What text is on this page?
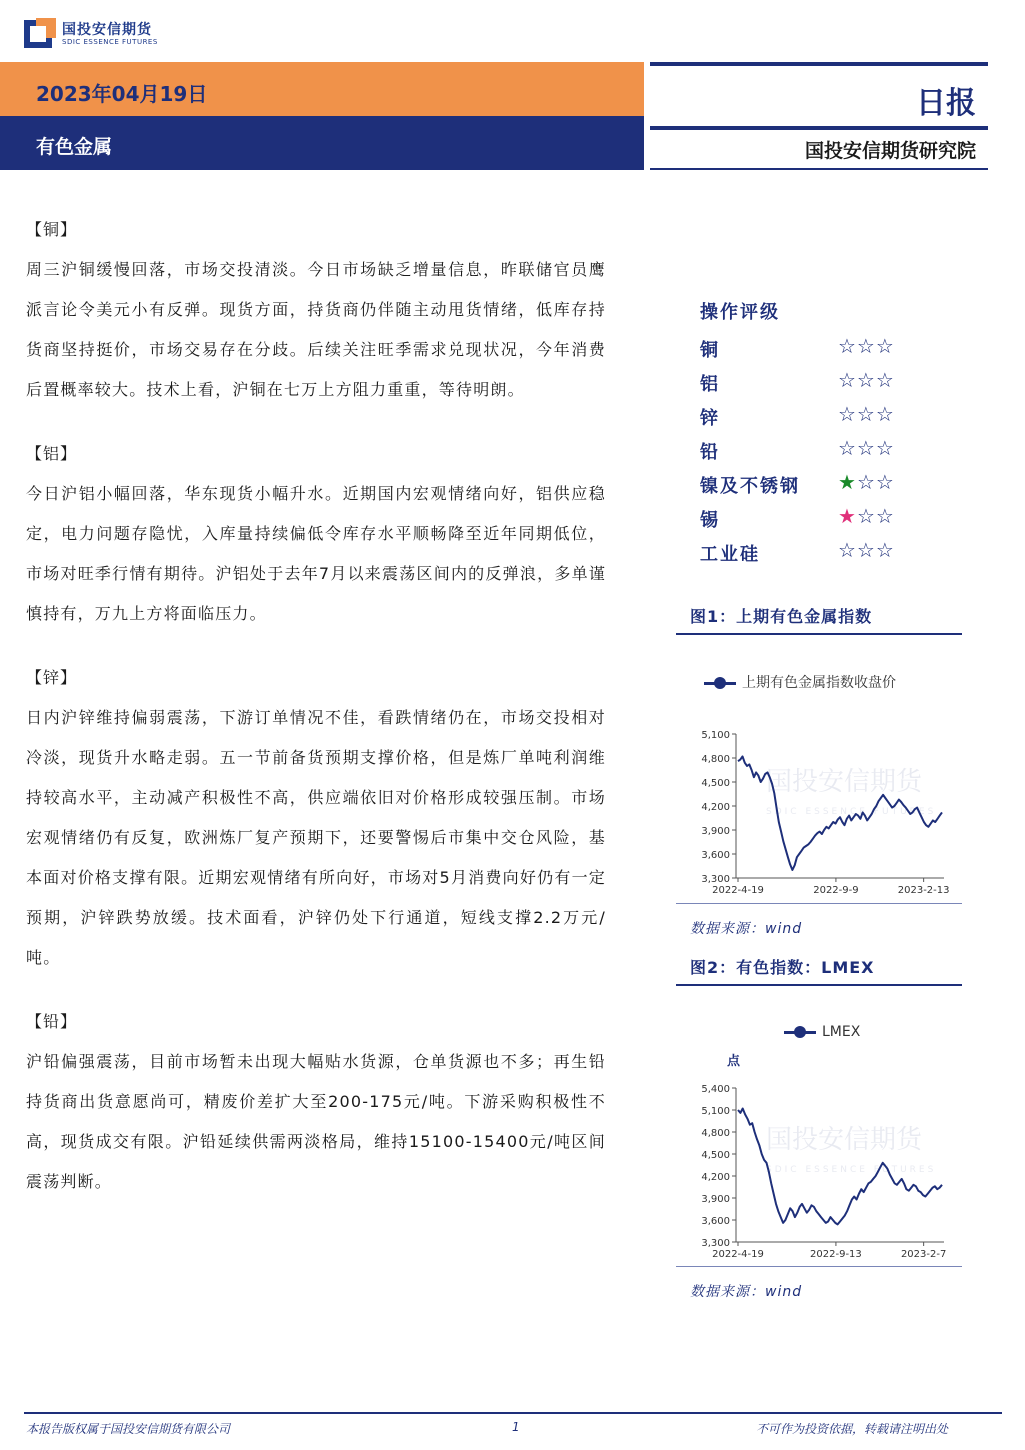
国投安信期货
SDIC ESSENCE FUTURES
2023年04月19日
有色金属
日报
国投安信期货研究院
【铜】

周三沪铜缓慢回落，市场交投清淡。今日市场缺乏增量信息，昨联储官员鹰派言论令美元小有反弹。现货方面，持货商仍伴随主动甩货情绪，低库存持货商坚持挺价，市场交易存在分歧。后续关注旺季需求兑现状况，今年消费后置概率较大。技术上看，沪铜在七万上方阻力重重，等待明朗。

【铝】

今日沪铝小幅回落，华东现货小幅升水。近期国内宏观情绪向好，铝供应稳定，电力问题存隐忧，入库量持续偏低令库存水平顺畅降至近年同期低位，市场对旺季行情有期待。沪铝处于去年7月以来震荡区间内的反弹浪，多单谨慎持有，万九上方将面临压力。

【锌】

日内沪锌维持偏弱震荡，下游订单情况不佳，看跌情绪仍在，市场交投相对冷淡，现货升水略走弱。五一节前备货预期支撑价格，但是炼厂单吨利润维持较高水平，主动减产积极性不高，供应端依旧对价格形成较强压制。市场宏观情绪仍有反复，欧洲炼厂复产预期下，还要警惕后市集中交仓风险，基本面对价格支撑有限。近期宏观情绪有所向好，市场对5月消费向好仍有一定预期，沪锌跌势放缓。技术面看，沪锌仍处下行通道，短线支撑2.2万元/吨。

【铅】

沪铅偏强震荡，目前市场暂未出现大幅贴水货源，仓单货源也不多；再生铅持货商出货意愿尚可，精废价差扩大至200-175元/吨。下游采购积极性不高，现货成交有限。沪铅延续供需两淡格局，维持15100-15400元/吨区间震荡判断。

操作评级
铜	☆☆☆
铝	☆☆☆
锌	☆☆☆
铅	☆☆☆
镍及不锈钢 ★☆☆
锡	★☆☆
工业硅	☆☆☆
图1：上期有色金属指数
上期有色金属指数收盘价
国投安信期货
SDIC ESSENCE FUTURES
5,100
4,800
4,500
4,200
3,900
3,600
3,300
2022-4-19	2022-9-9	2023-2-13
数据来源：wind
图2：有色指数：LMEX
LMEX
点
国投安信期货
SDIC ESSENCE FUTURES
5,400
5,100
4,800
4,500
4,200
3,900
3,600
3,300
2022-4-19	2022-9-13	2023-2-7
数据来源：wind
本报告版权属于国投安信期货有限公司	1	不可作为投资依据，转载请注明出处
